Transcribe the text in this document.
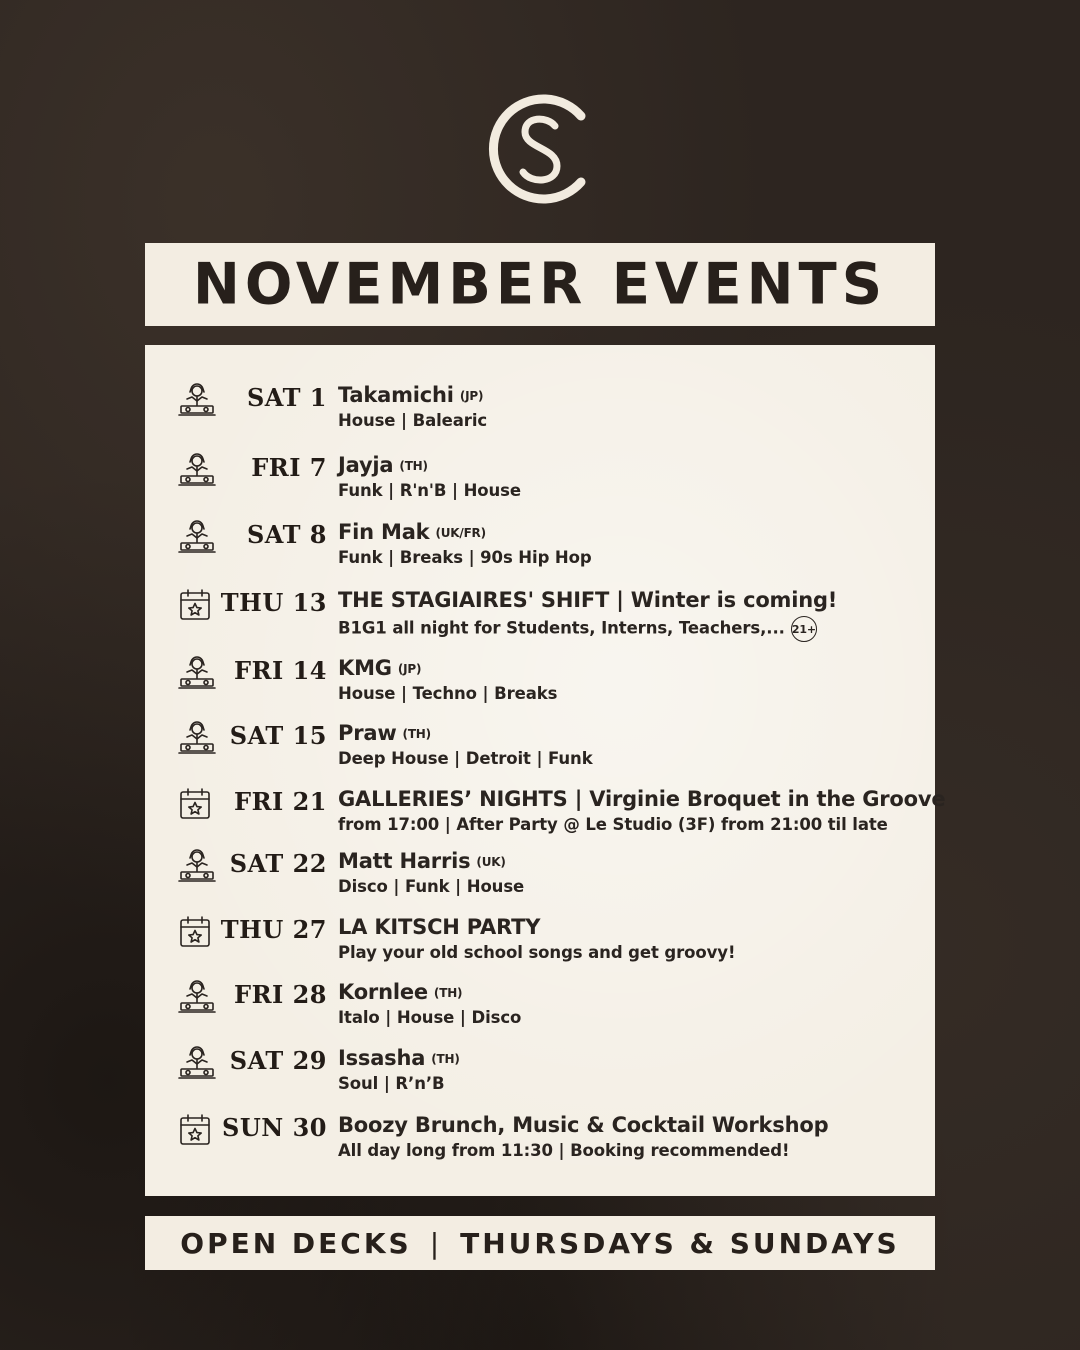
NOVEMBER EVENTS
SAT 1 Takamichi (JP)
House | Balearic
FRI 7 Jayja (TH)
Funk | R'n'B | House
SAT 8 Fin Mak (UK/FR)
Funk | Breaks | 90s Hip Hop
THU 13 THE STAGIAIRES' SHIFT | Winter is coming!
B1G1 all night for Students, Interns, Teachers,... 21+
FRI 14 KMG (JP)
House | Techno | Breaks
SAT 15 Praw (TH)
Deep House | Detroit | Funk
FRI 21 GALLERIES’ NIGHTS | Virginie Broquet in the Groove
from 17:00 | After Party @ Le Studio (3F) from 21:00 til late
SAT 22 Matt Harris (UK)
Disco | Funk | House
THU 27 LA KITSCH PARTY
Play your old school songs and get groovy!
FRI 28 Kornlee (TH)
Italo | House | Disco
SAT 29 Issasha (TH)
Soul | R’n’B
SUN 30 Boozy Brunch, Music & Cocktail Workshop
All day long from 11:30 | Booking recommended!
OPEN DECKS | THURSDAYS & SUNDAYS
